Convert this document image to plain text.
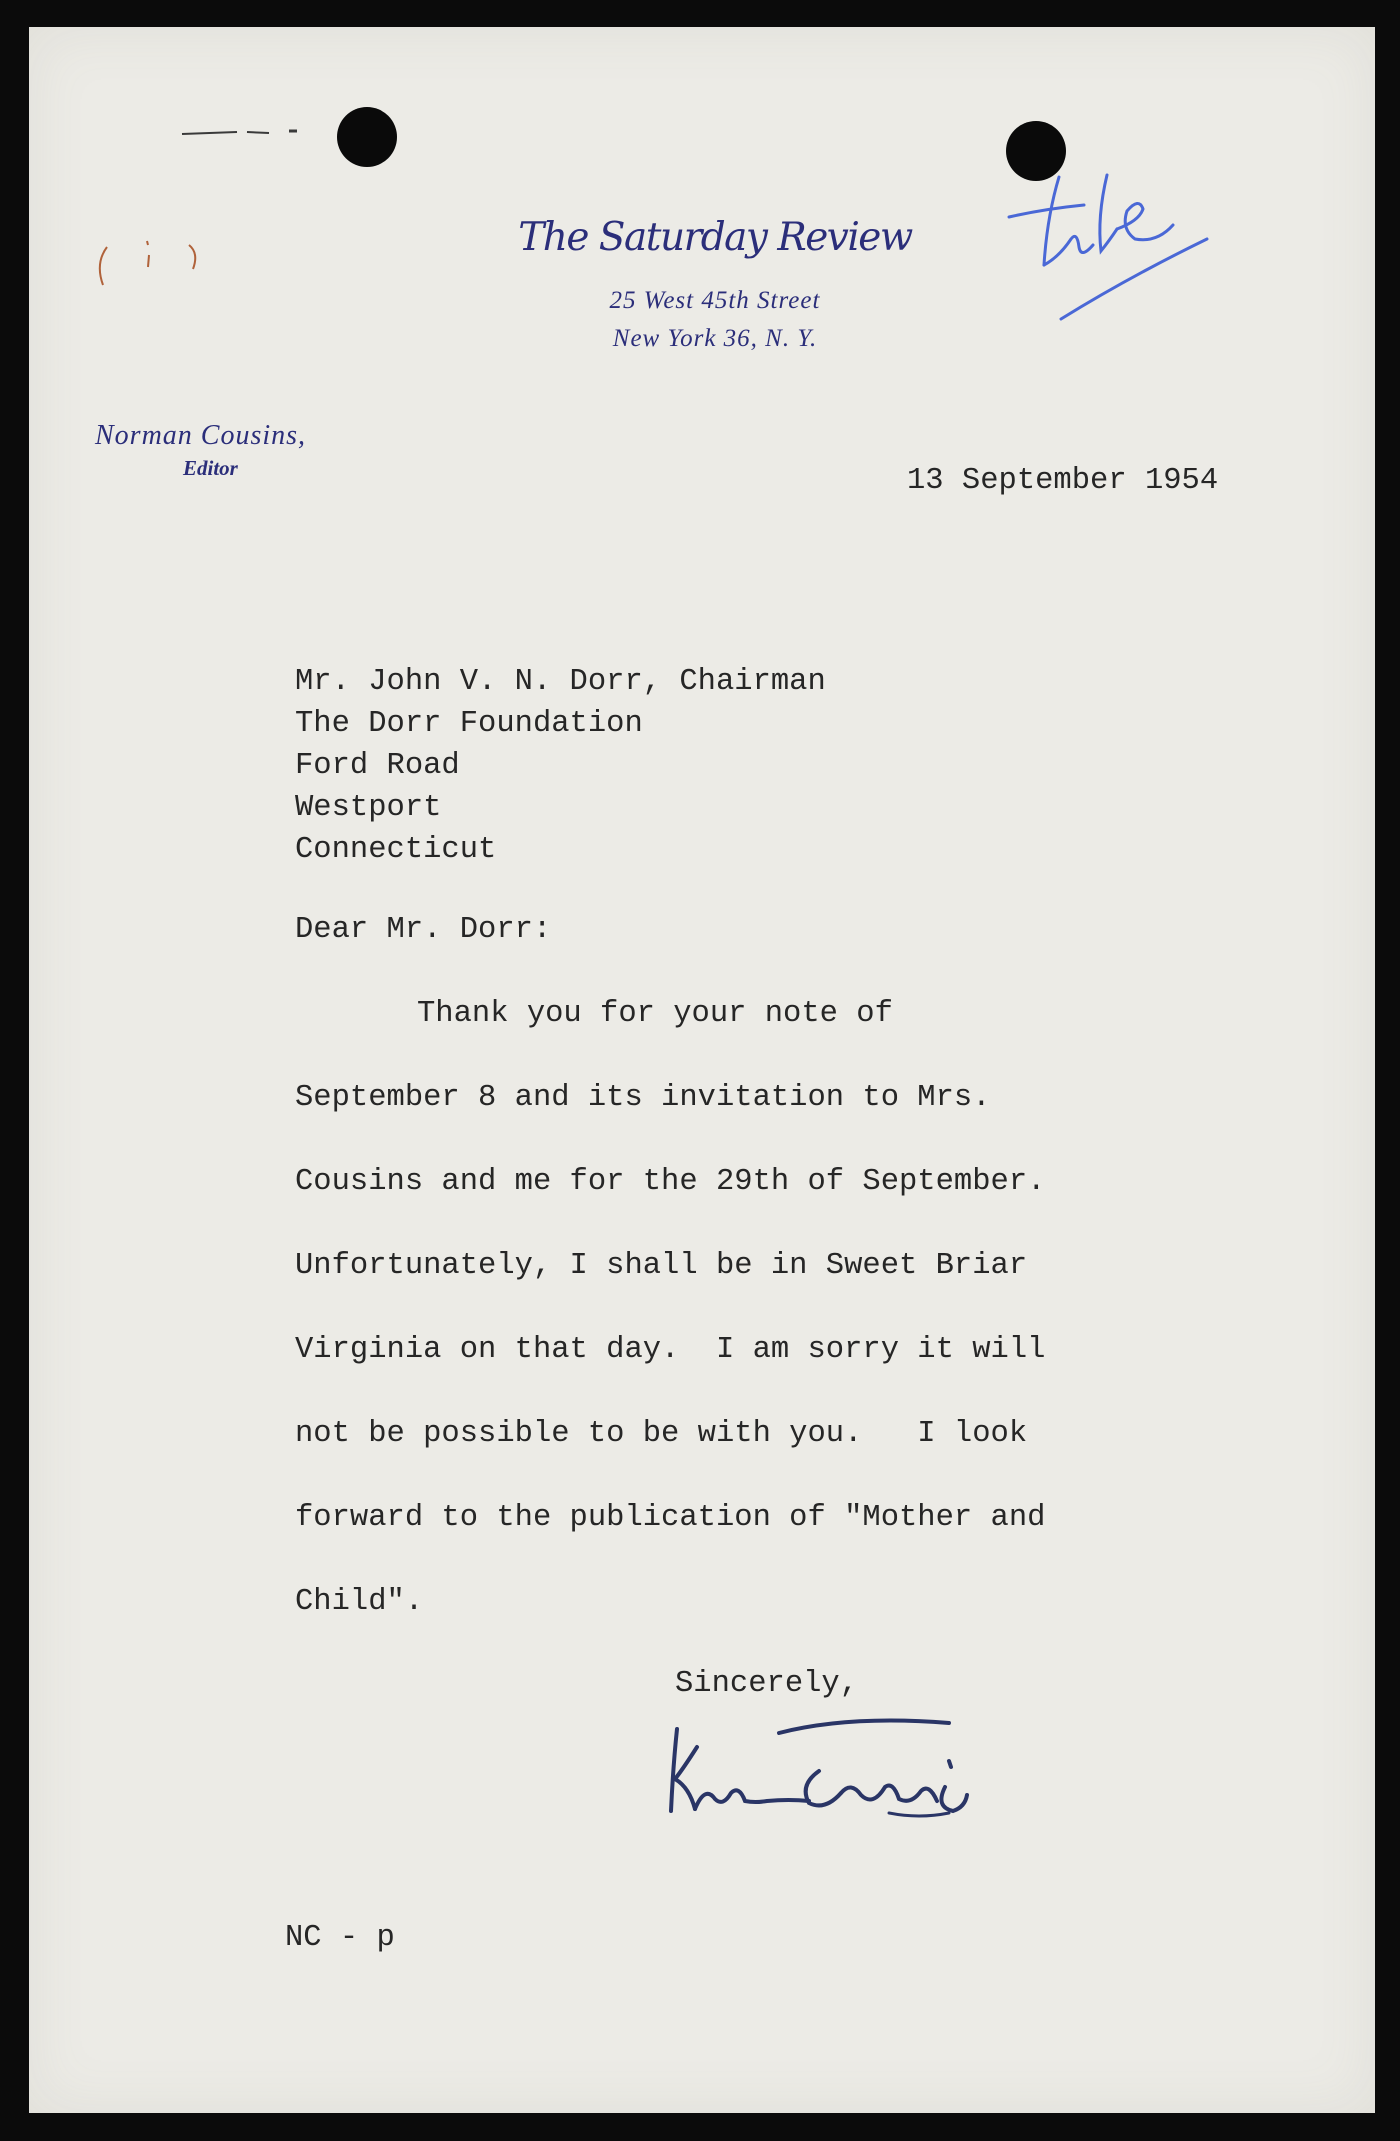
The Saturday Review
25 West 45th Street
New York 36, N. Y.
Norman Cousins,
Editor	13 September 1954
Mr. John V. N. Dorr, Chairman
The Dorr Foundation
Ford Road
Westport
Connecticut
Dear Mr. Dorr:
Thank you for your note of
September 8 and its invitation to Mrs.
Cousins and me for the 29th of September.
Unfortunately, I shall be in Sweet Briar
Virginia on that day.  I am sorry it will
not be possible to be with you.   I look
forward to the publication of "Mother and
Child".
Sincerely,
NC - p
